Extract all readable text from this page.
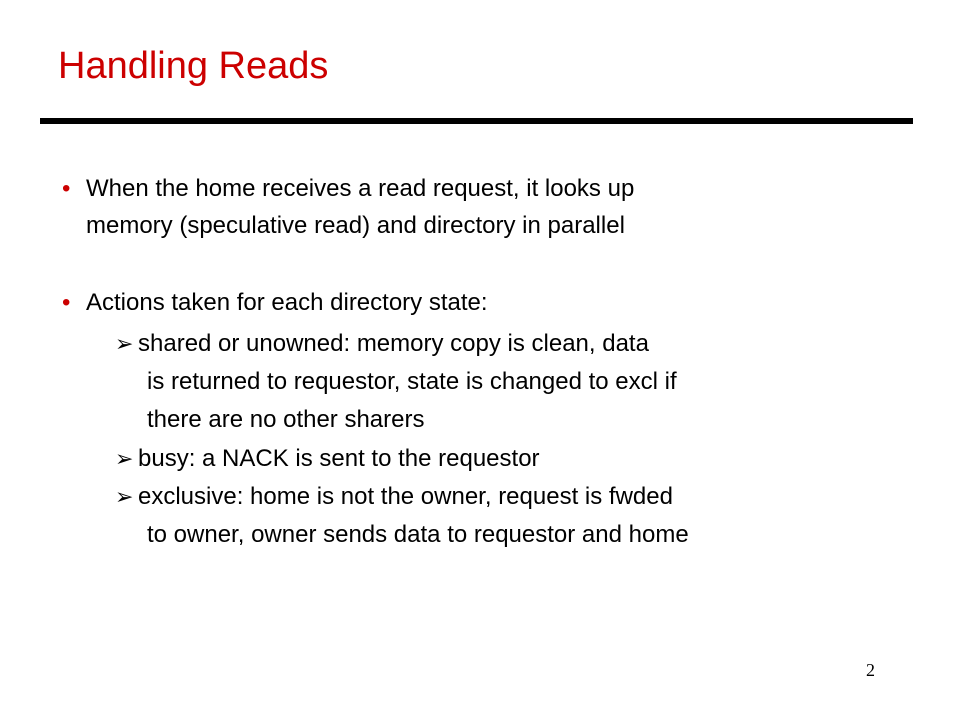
Handling Reads
• When the home receives a read request, it looks up
memory (speculative read) and directory in parallel
• Actions taken for each directory state:
➢ shared or unowned: memory copy is clean, data
is returned to requestor, state is changed to excl if
there are no other sharers
➢ busy: a NACK is sent to the requestor
➢ exclusive: home is not the owner, request is fwded
to owner, owner sends data to requestor and home
2
